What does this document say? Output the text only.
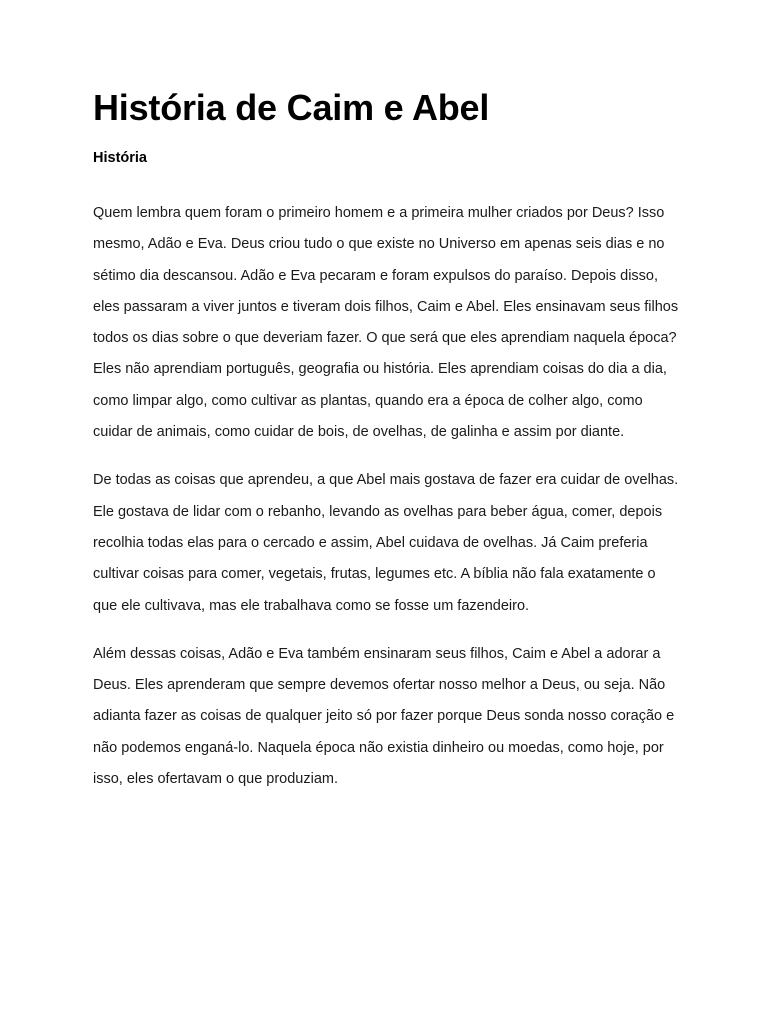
História de Caim e Abel
História

Quem lembra quem foram o primeiro homem e a primeira mulher criados por Deus? Isso mesmo, Adão e Eva. Deus criou tudo o que existe no Universo em apenas seis dias e no sétimo dia descansou. Adão e Eva pecaram e foram expulsos do paraíso. Depois disso, eles passaram a viver juntos e tiveram dois filhos, Caim e Abel. Eles ensinavam seus filhos todos os dias sobre o que deveriam fazer. O que será que eles aprendiam naquela época? Eles não aprendiam português, geografia ou história. Eles aprendiam coisas do dia a dia, como limpar algo, como cultivar as plantas, quando era a época de colher algo, como cuidar de animais, como cuidar de bois, de ovelhas, de galinha e assim por diante.

De todas as coisas que aprendeu, a que Abel mais gostava de fazer era cuidar de ovelhas. Ele gostava de lidar com o rebanho, levando as ovelhas para beber água, comer, depois recolhia todas elas para o cercado e assim, Abel cuidava de ovelhas. Já Caim preferia cultivar coisas para comer, vegetais, frutas, legumes etc. A bíblia não fala exatamente o que ele cultivava, mas ele trabalhava como se fosse um fazendeiro.

Além dessas coisas, Adão e Eva também ensinaram seus filhos, Caim e Abel a adorar a Deus. Eles aprenderam que sempre devemos ofertar nosso melhor a Deus, ou seja. Não adianta fazer as coisas de qualquer jeito só por fazer porque Deus sonda nosso coração e não podemos enganá-lo. Naquela época não existia dinheiro ou moedas, como hoje, por isso, eles ofertavam o que produziam.
